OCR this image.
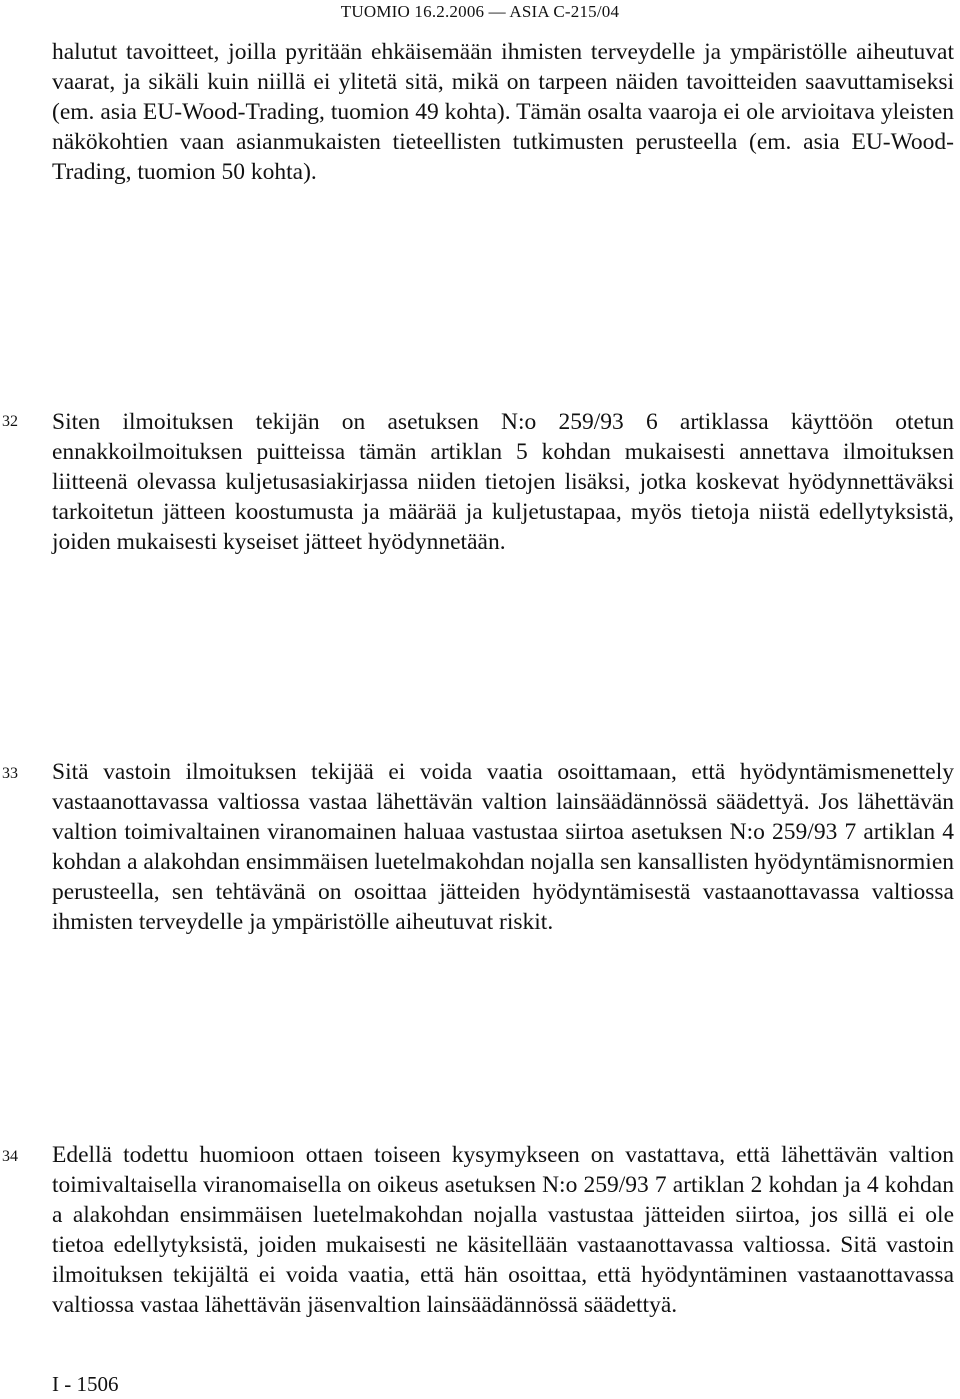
TUOMIO 16.2.2006 — ASIA C-215/04

halutut tavoitteet, joilla pyritään ehkäisemään ihmisten terveydelle ja ympäristölle aiheutuvat vaarat, ja sikäli kuin niillä ei ylitetä sitä, mikä on tarpeen näiden tavoitteiden saavuttamiseksi (em. asia EU-Wood-Trading, tuomion 49 kohta). Tämän osalta vaaroja ei ole arvioitava yleisten näkökohtien vaan asianmukaisten tieteellisten tutkimusten perusteella (em. asia EU-Wood-Trading, tuomion 50 kohta).

32 Siten ilmoituksen tekijän on asetuksen N:o 259/93 6 artiklassa käyttöön otetun ennakkoilmoituksen puitteissa tämän artiklan 5 kohdan mukaisesti annettava ilmoituksen liitteenä olevassa kuljetusasiakirjassa niiden tietojen lisäksi, jotka koskevat hyödynnettäväksi tarkoitetun jätteen koostumusta ja määrää ja kuljetustapaa, myös tietoja niistä edellytyksistä, joiden mukaisesti kyseiset jätteet hyödynnetään.

33 Sitä vastoin ilmoituksen tekijää ei voida vaatia osoittamaan, että hyödyntämismenettely vastaanottavassa valtiossa vastaa lähettävän valtion lainsäädännössä säädettyä. Jos lähettävän valtion toimivaltainen viranomainen haluaa vastustaa siirtoa asetuksen N:o 259/93 7 artiklan 4 kohdan a alakohdan ensimmäisen luetelmakohdan nojalla sen kansallisten hyödyntämisnormien perusteella, sen tehtävänä on osoittaa jätteiden hyödyntämisestä vastaanottavassa valtiossa ihmisten terveydelle ja ympäristölle aiheutuvat riskit.

34 Edellä todettu huomioon ottaen toiseen kysymykseen on vastattava, että lähettävän valtion toimivaltaisella viranomaisella on oikeus asetuksen N:o 259/93 7 artiklan 2 kohdan ja 4 kohdan a alakohdan ensimmäisen luetelmakohdan nojalla vastustaa jätteiden siirtoa, jos sillä ei ole tietoa edellytyksistä, joiden mukaisesti ne käsitellään vastaanottavassa valtiossa. Sitä vastoin ilmoituksen tekijältä ei voida vaatia, että hän osoittaa, että hyödyntäminen vastaanottavassa valtiossa vastaa lähettävän jäsenvaltion lainsäädännössä säädettyä.

I - 1506
